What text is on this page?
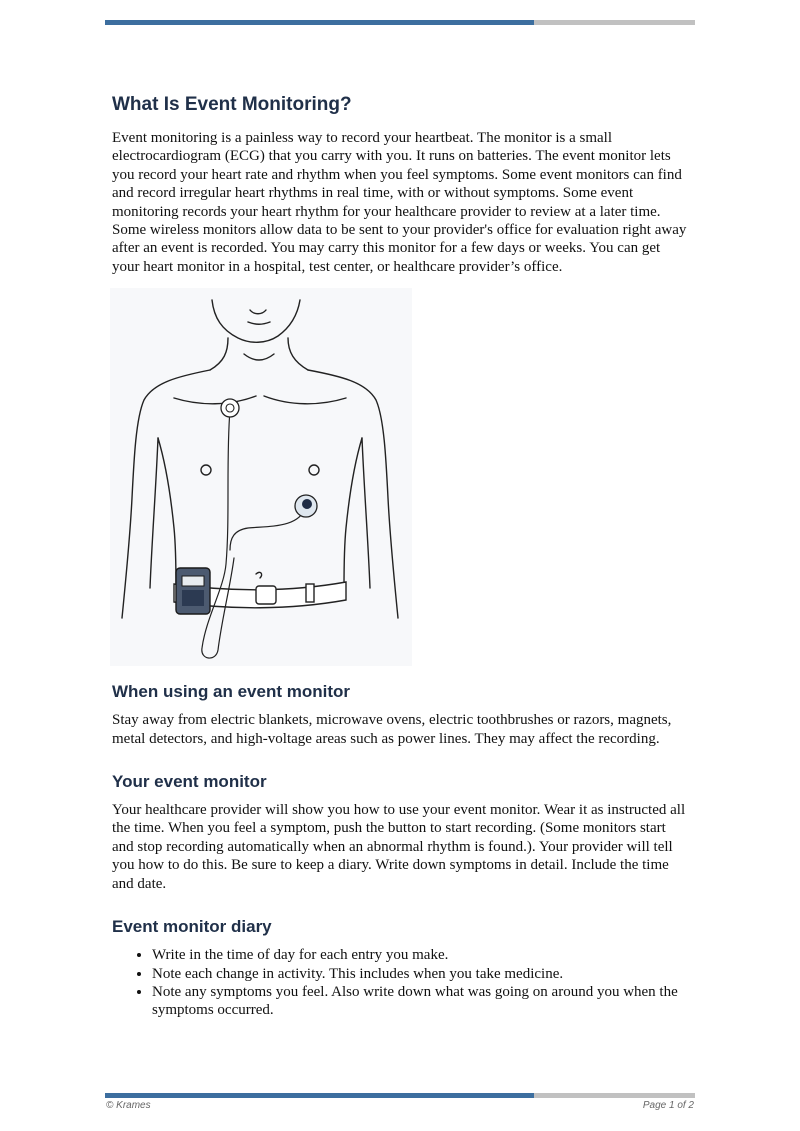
What Is Event Monitoring?

Event monitoring is a painless way to record your heartbeat. The monitor is a small electrocardiogram (ECG) that you carry with you. It runs on batteries. The event monitor lets you record your heart rate and rhythm when you feel symptoms. Some event monitors can find and record irregular heart rhythms in real time, with or without symptoms. Some event monitoring records your heart rhythm for your healthcare provider to review at a later time. Some wireless monitors allow data to be sent to your provider's office for evaluation right away after an event is recorded. You may carry this monitor for a few days or weeks. You can get your heart monitor in a hospital, test center, or healthcare provider’s office.

When using an event monitor

Stay away from electric blankets, microwave ovens, electric toothbrushes or razors, magnets, metal detectors, and high-voltage areas such as power lines. They may affect the recording.

Your event monitor

Your healthcare provider will show you how to use your event monitor. Wear it as instructed all the time. When you feel a symptom, push the button to start recording. (Some monitors start and stop recording automatically when an abnormal rhythm is found.). Your provider will tell you how to do this. Be sure to keep a diary. Write down symptoms in detail. Include the time and date.

Event monitor diary
• Write in the time of day for each entry you make.
• Note each change in activity. This includes when you take medicine.
• Note any symptoms you feel. Also write down what was going on around you when the symptoms occurred.
© Krames	Page 1 of 2
